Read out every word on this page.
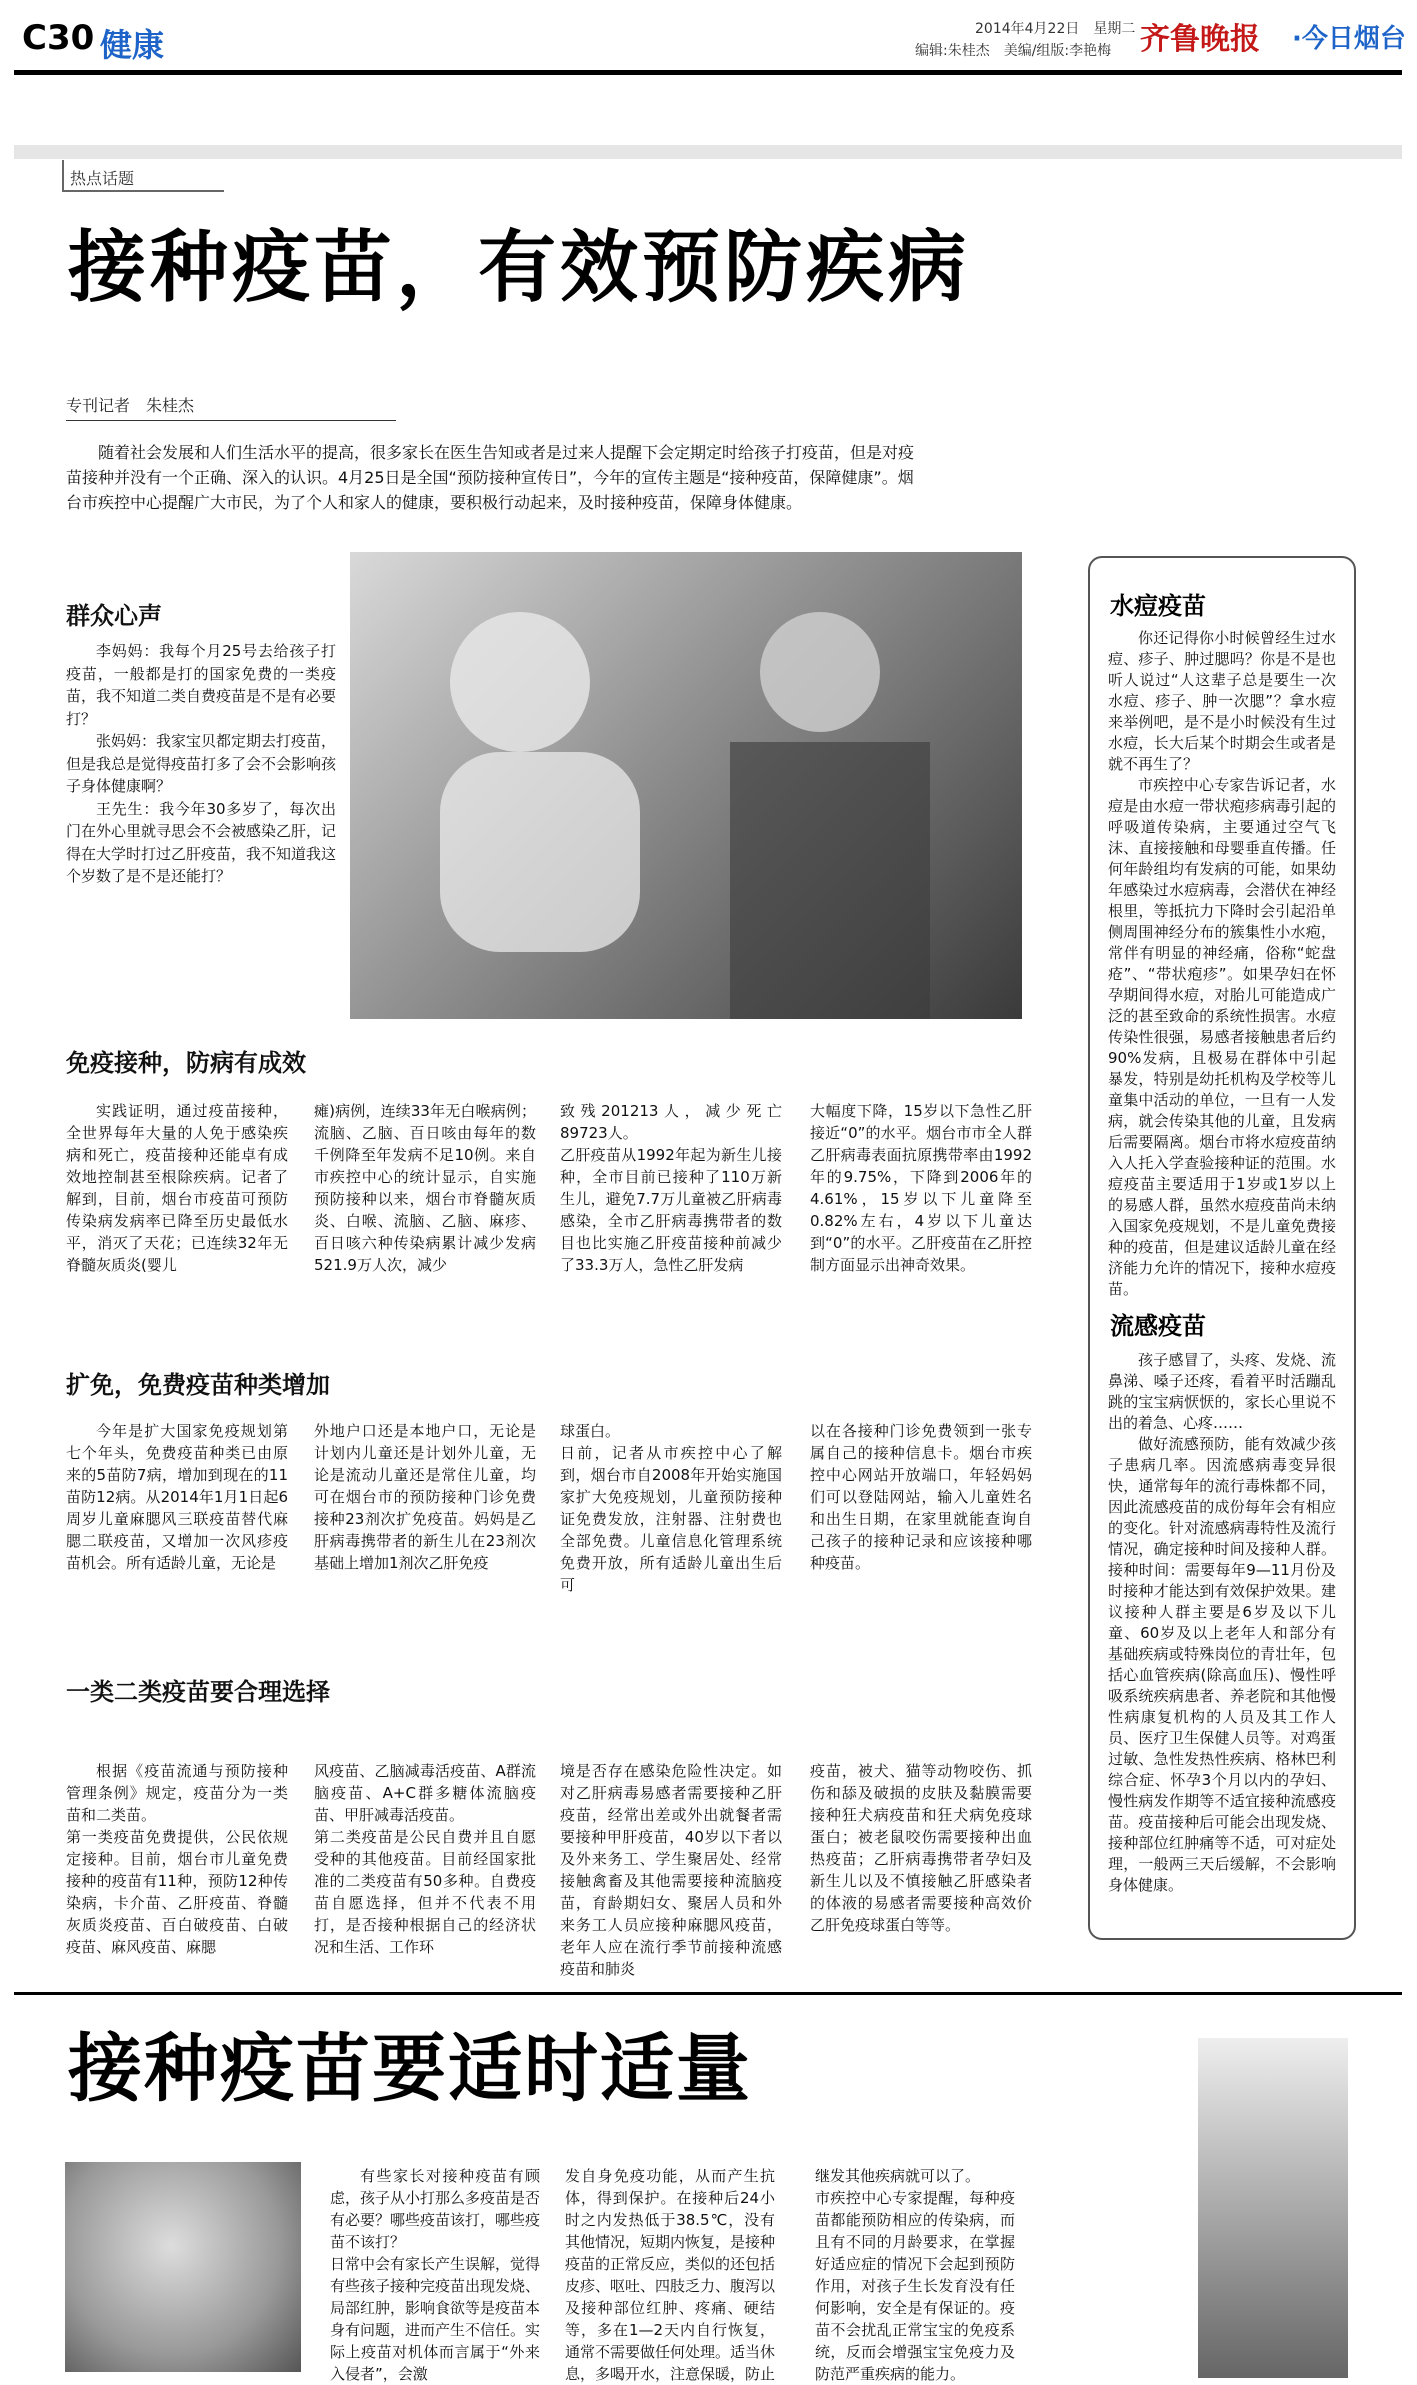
C30 健康	2014年4月22日　星期二
编辑:朱桂杰　美编/组版:李艳梅 齐鲁晚报 ·今日烟台
热点话题
接种疫苗，有效预防疾病
专刊记者　朱桂杰
随着社会发展和人们生活水平的提高，很多家长在医生告知或者是过来人提醒下会定期定时给孩子打疫苗，但是对疫苗接种并没有一个正确、深入的认识。4月25日是全国“预防接种宣传日”，今年的宣传主题是“接种疫苗，保障健康”。烟台市疾控中心提醒广大市民，为了个人和家人的健康，要积极行动起来，及时接种疫苗，保障身体健康。
群众心声

李妈妈：我每个月25号去给孩子打疫苗，一般都是打的国家免费的一类疫苗，我不知道二类自费疫苗是不是有必要打？

张妈妈：我家宝贝都定期去打疫苗，但是我总是觉得疫苗打多了会不会影响孩子身体健康啊？

王先生：我今年30多岁了，每次出门在外心里就寻思会不会被感染乙肝，记得在大学时打过乙肝疫苗，我不知道我这个岁数了是不是还能打？

免疫接种，防病有成效

实践证明，通过疫苗接种，全世界每年大量的人免于感染疾病和死亡，疫苗接种还能卓有成效地控制甚至根除疾病。记者了解到，目前，烟台市疫苗可预防传染病发病率已降至历史最低水平，消灭了天花；已连续32年无脊髓灰质炎(婴儿

瘫)病例，连续33年无白喉病例；流脑、乙脑、百日咳由每年的数千例降至年发病不足10例。来自市疾控中心的统计显示，自实施预防接种以来，烟台市脊髓灰质炎、白喉、流脑、乙脑、麻疹、百日咳六种传染病累计减少发病521.9万人次，减少

致残201213人，减少死亡89723人。
乙肝疫苗从1992年起为新生儿接种，全市目前已接种了110万新生儿，避免7.7万儿童被乙肝病毒感染，全市乙肝病毒携带者的数目也比实施乙肝疫苗接种前减少了33.3万人，急性乙肝发病

大幅度下降，15岁以下急性乙肝接近“0”的水平。烟台市市全人群乙肝病毒表面抗原携带率由1992年的9.75%，下降到2006年的4.61%，15岁以下儿童降至0.82%左右，4岁以下儿童达到“0”的水平。乙肝疫苗在乙肝控制方面显示出神奇效果。

扩免，免费疫苗种类增加

今年是扩大国家免疫规划第七个年头，免费疫苗种类已由原来的5苗防7病，增加到现在的11苗防12病。从2014年1月1日起6周岁儿童麻腮风三联疫苗替代麻腮二联疫苗，又增加一次风疹疫苗机会。所有适龄儿童，无论是

外地户口还是本地户口，无论是计划内儿童还是计划外儿童，无论是流动儿童还是常住儿童，均可在烟台市的预防接种门诊免费接种23剂次扩免疫苗。妈妈是乙肝病毒携带者的新生儿在23剂次基础上增加1剂次乙肝免疫

球蛋白。
日前，记者从市疾控中心了解到，烟台市自2008年开始实施国家扩大免疫规划，儿童预防接种证免费发放，注射器、注射费也全部免费。儿童信息化管理系统免费开放，所有适龄儿童出生后可

以在各接种门诊免费领到一张专属自己的接种信息卡。烟台市疾控中心网站开放端口，年轻妈妈们可以登陆网站，输入儿童姓名和出生日期，在家里就能查询自己孩子的接种记录和应该接种哪种疫苗。

一类二类疫苗要合理选择

根据《疫苗流通与预防接种管理条例》规定，疫苗分为一类苗和二类苗。
第一类疫苗免费提供，公民依规定接种。目前，烟台市儿童免费接种的疫苗有11种，预防12种传染病，卡介苗、乙肝疫苗、脊髓灰质炎疫苗、百白破疫苗、白破疫苗、麻风疫苗、麻腮

风疫苗、乙脑减毒活疫苗、A群流脑疫苗、A+C群多糖体流脑疫苗、甲肝减毒活疫苗。
第二类疫苗是公民自费并且自愿受种的其他疫苗。目前经国家批准的二类疫苗有50多种。自费疫苗自愿选择，但并不代表不用打，是否接种根据自己的经济状况和生活、工作环

境是否存在感染危险性决定。如对乙肝病毒易感者需要接种乙肝疫苗，经常出差或外出就餐者需要接种甲肝疫苗，40岁以下者以及外来务工、学生聚居处、经常接触禽畜及其他需要接种流脑疫苗，育龄期妇女、聚居人员和外来务工人员应接种麻腮风疫苗，老年人应在流行季节前接种流感疫苗和肺炎

疫苗，被犬、猫等动物咬伤、抓伤和舔及破损的皮肤及黏膜需要接种狂犬病疫苗和狂犬病免疫球蛋白；被老鼠咬伤需要接种出血热疫苗；乙肝病毒携带者孕妇及新生儿以及不慎接触乙肝感染者的体液的易感者需要接种高效价乙肝免疫球蛋白等等。

水痘疫苗

你还记得你小时候曾经生过水痘、疹子、肿过腮吗？你是不是也听人说过“人这辈子总是要生一次水痘、疹子、肿一次腮”？拿水痘来举例吧，是不是小时候没有生过水痘，长大后某个时期会生或者是就不再生了？

市疾控中心专家告诉记者，水痘是由水痘一带状疱疹病毒引起的呼吸道传染病，主要通过空气飞沫、直接接触和母婴垂直传播。任何年龄组均有发病的可能，如果幼年感染过水痘病毒，会潜伏在神经根里，等抵抗力下降时会引起沿单侧周围神经分布的簇集性小水疱，常伴有明显的神经痛，俗称“蛇盘疮”、“带状疱疹”。如果孕妇在怀孕期间得水痘，对胎儿可能造成广泛的甚至致命的系统性损害。水痘传染性很强，易感者接触患者后约90%发病，且极易在群体中引起暴发，特别是幼托机构及学校等儿童集中活动的单位，一旦有一人发病，就会传染其他的儿童，且发病后需要隔离。烟台市将水痘疫苗纳入人托入学查验接种证的范围。水痘疫苗主要适用于1岁或1岁以上的易感人群，虽然水痘疫苗尚未纳入国家免疫规划，不是儿童免费接种的疫苗，但是建议适龄儿童在经济能力允许的情况下，接种水痘疫苗。

流感疫苗

孩子感冒了，头疼、发烧、流鼻涕、嗓子还疼，看着平时活蹦乱跳的宝宝病恹恹的，家长心里说不出的着急、心疼……

做好流感预防，能有效减少孩子患病几率。因流感病毒变异很快，通常每年的流行毒株都不同，因此流感疫苗的成份每年会有相应的变化。针对流感病毒特性及流行情况，确定接种时间及接种人群。接种时间：需要每年9—11月份及时接种才能达到有效保护效果。建议接种人群主要是6岁及以下儿童、60岁及以上老年人和部分有基础疾病或特殊岗位的青壮年，包括心血管疾病(除高血压)、慢性呼吸系统疾病患者、养老院和其他慢性病康复机构的人员及其工作人员、医疗卫生保健人员等。对鸡蛋过敏、急性发热性疾病、格林巴利综合症、怀孕3个月以内的孕妇、慢性病发作期等不适宜接种流感疫苗。疫苗接种后可能会出现发烧、接种部位红肿痛等不适，可对症处理，一般两三天后缓解，不会影响身体健康。

接种疫苗要适时适量

有些家长对接种疫苗有顾虑，孩子从小打那么多疫苗是否有必要？哪些疫苗该打，哪些疫苗不该打？
日常中会有家长产生误解，觉得有些孩子接种完疫苗出现发烧、局部红肿，影响食欲等是疫苗本身有问题，进而产生不信任。实际上疫苗对机体而言属于“外来入侵者”，会激

发自身免疫功能，从而产生抗体，得到保护。在接种后24小时之内发热低于38.5℃，没有其他情况，短期内恢复，是接种疫苗的正常反应，类似的还包括皮疹、呕吐、四肢乏力、腹泻以及接种部位红肿、疼痛、硬结等，多在1—2天内自行恢复，通常不需要做任何处理。适当休息，多喝开水，注意保暖，防止

继发其他疾病就可以了。
市疾控中心专家提醒，每种疫苗都能预防相应的传染病，而且有不同的月龄要求，在掌握好适应症的情况下会起到预防作用，对孩子生长发育没有任何影响，安全是有保证的。疫苗不会扰乱正常宝宝的免疫系统，反而会增强宝宝免疫力及防范严重疾病的能力。
